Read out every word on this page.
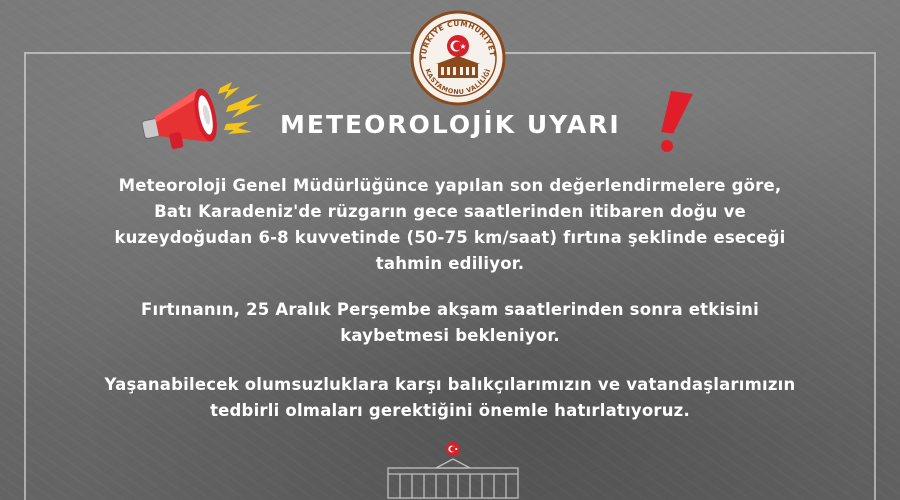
TÜRKİYE CUMHURİYET
KASTAMONU VALİLİĞİ
METEOROLOJİK UYARI
Meteoroloji Genel Müdürlüğünce yapılan son değerlendirmelere göre,
Batı Karadeniz'de rüzgarın gece saatlerinden itibaren doğu ve
kuzeydoğudan 6-8 kuvvetinde (50-75 km/saat) fırtına şeklinde eseceği
tahmin ediliyor.
Fırtınanın, 25 Aralık Perşembe akşam saatlerinden sonra etkisini
kaybetmesi bekleniyor.
Yaşanabilecek olumsuzluklara karşı balıkçılarımızın ve vatandaşlarımızın
tedbirli olmaları gerektiğini önemle hatırlatıyoruz.
